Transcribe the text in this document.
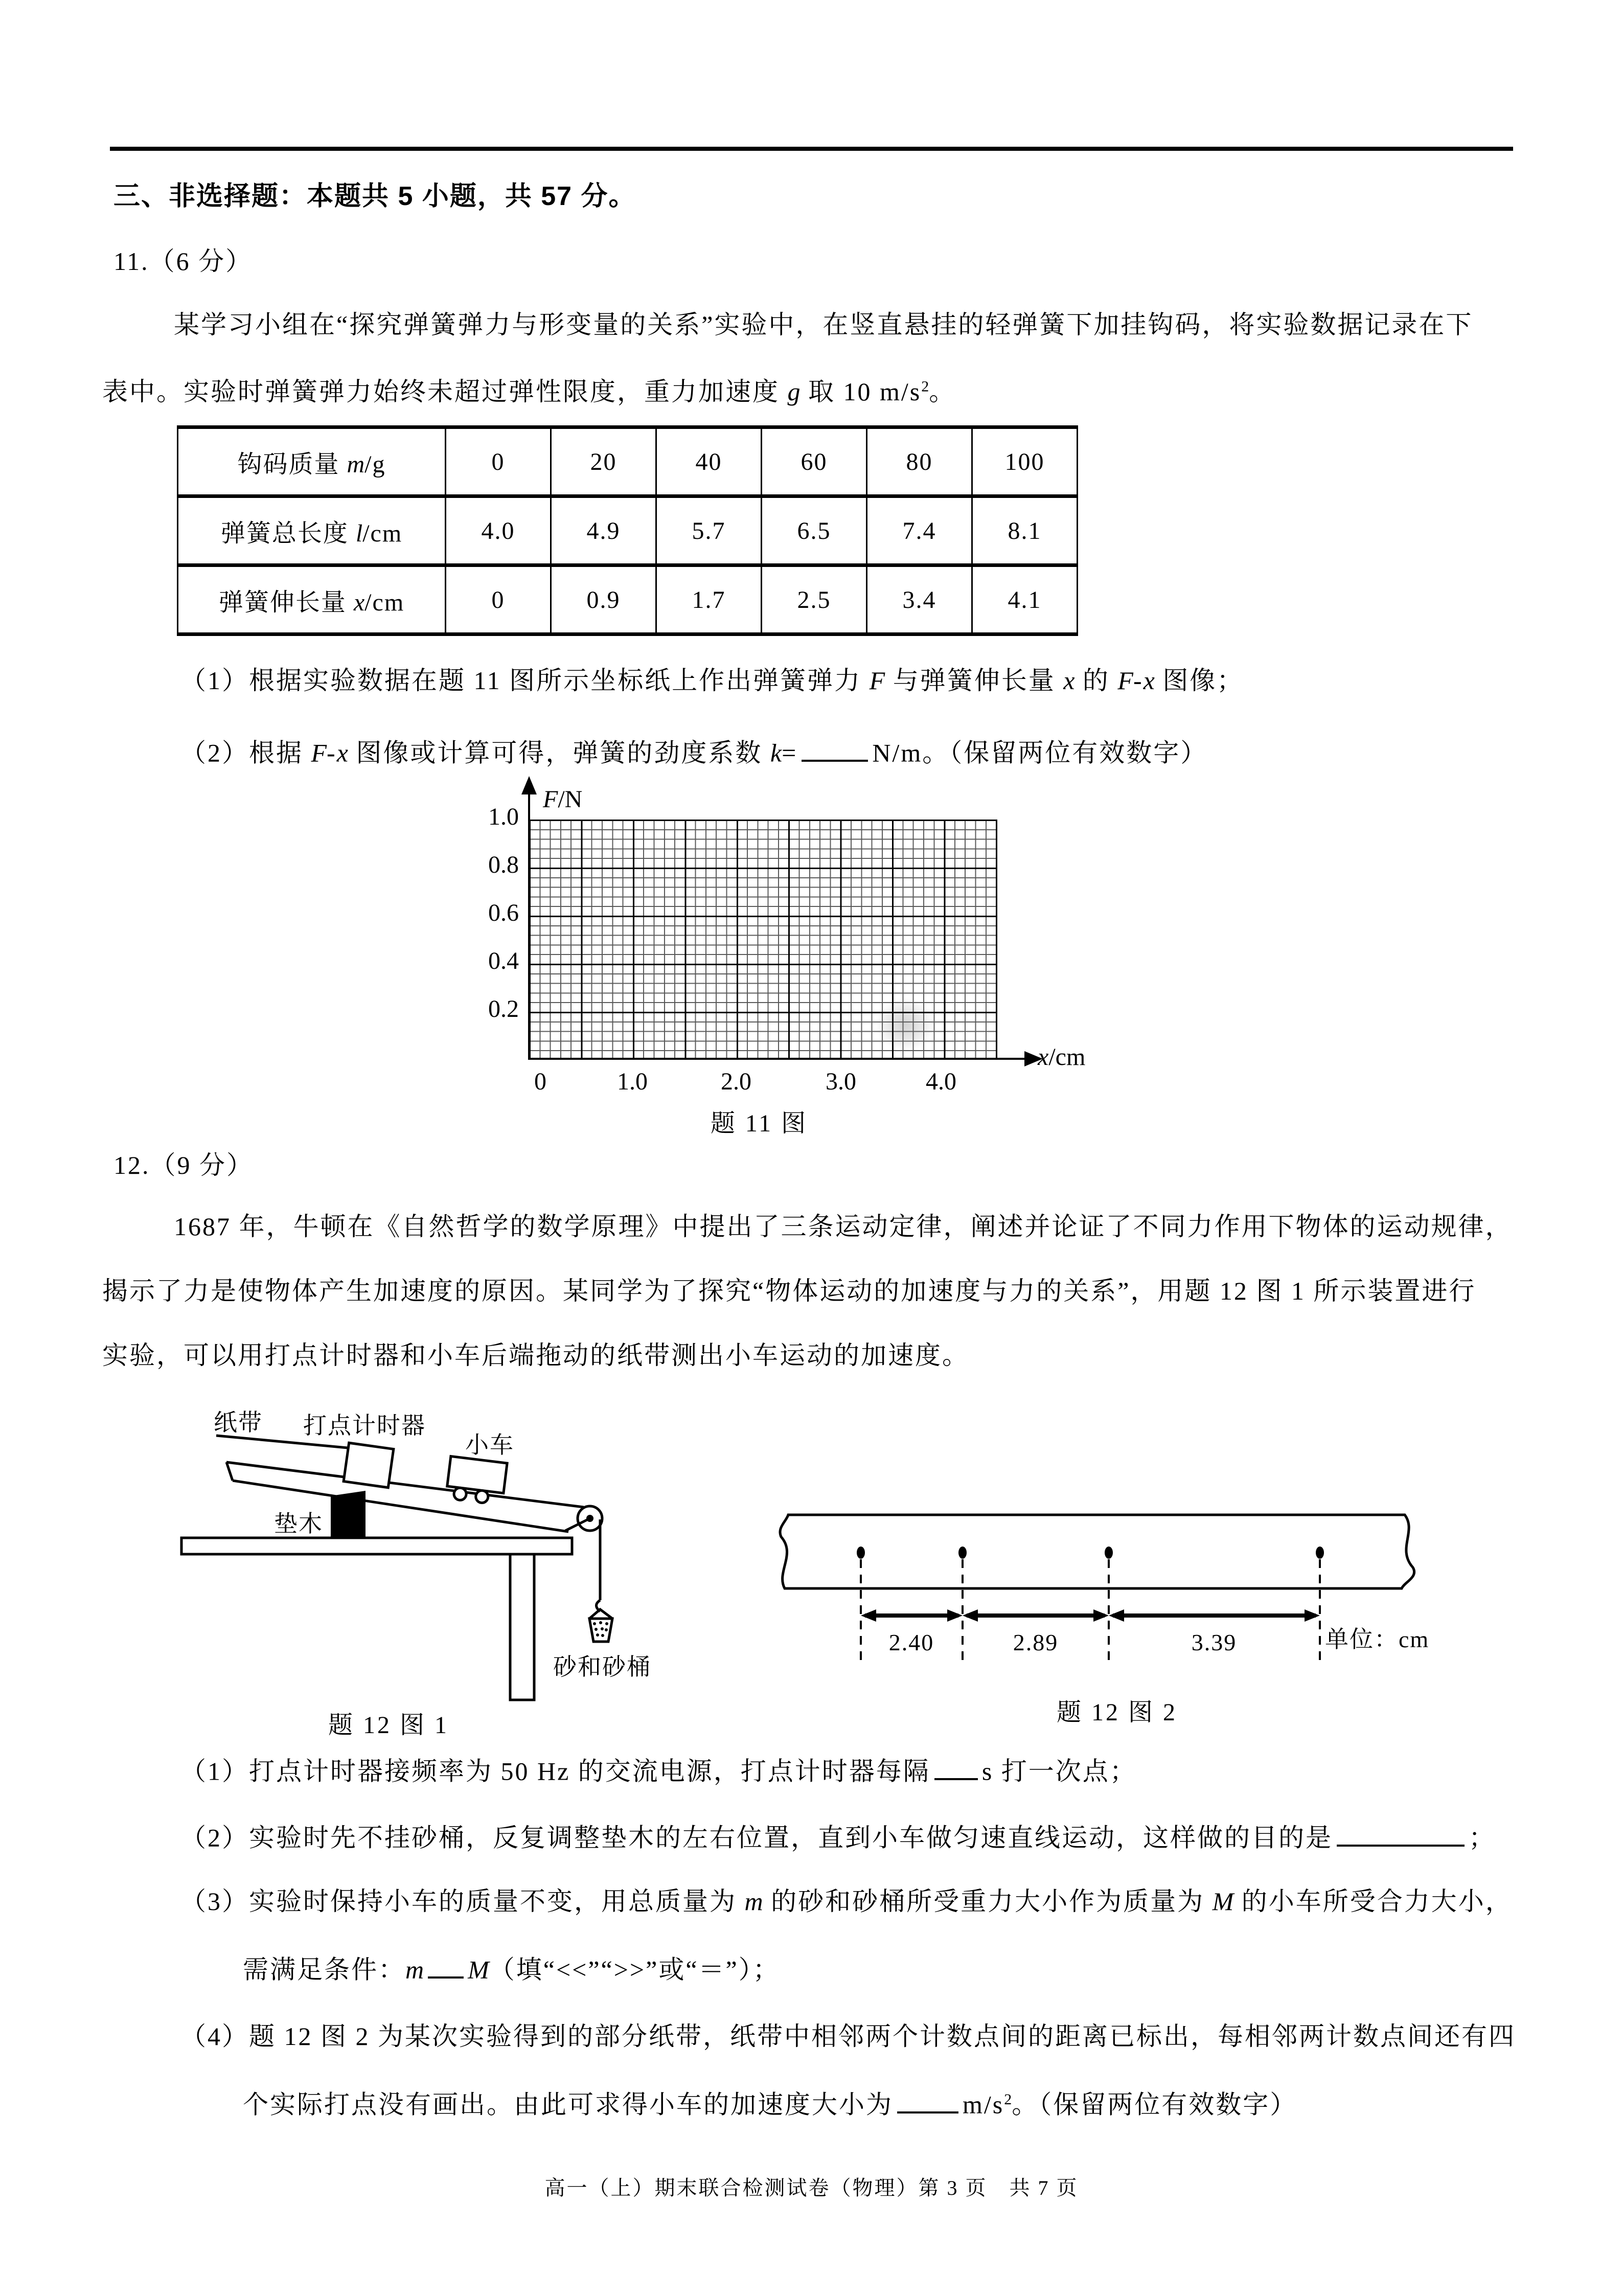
三、非选择题：本题共 5 小题，共 57 分。
11.（6 分）
某学习小组在“探究弹簧弹力与形变量的关系”实验中，在竖直悬挂的轻弹簧下加挂钩码，将实验数据记录在下
表中。实验时弹簧弹力始终未超过弹性限度，重力加速度 g 取 10 $m/s^2$。
钩码质量 m/g	0	20	40	60	80	100
弹簧总长度 l/cm	4.0	4.9	5.7	6.5	7.4	8.1
弹簧伸长量 x/cm	0	0.9	1.7	2.5	3.4	4.1
（1）根据实验数据在题 11 图所示坐标纸上作出弹簧弹力 F 与弹簧伸长量 x 的 F-x 图像；
（2）根据 F-x 图像或计算可得，弹簧的劲度系数 k=	N/m。（保留两位有效数字）
F/N
x/cm
1.0
0.8
0.6
0.4
0.2
0	1.0	2.0	3.0	4.0
题 11 图
12.（9 分）
1687 年，牛顿在《自然哲学的数学原理》中提出了三条运动定律，阐述并论证了不同力作用下物体的运动规律，
揭示了力是使物体产生加速度的原因。某同学为了探究“物体运动的加速度与力的关系”，用题 12 图 1 所示装置进行
实验，可以用打点计时器和小车后端拖动的纸带测出小车运动的加速度。
纸带 打点计时器
小车
垫木
砂和砂桶
题 12 图 1
2.40	2.89	3.39	单位：cm
题 12 图 2
（1）打点计时器接频率为 50 Hz 的交流电源，打点计时器每隔 s 打一次点；
（2）实验时先不挂砂桶，反复调整垫木的左右位置，直到小车做匀速直线运动，这样做的目的是	；
（3）实验时保持小车的质量不变，用总质量为 m 的砂和砂桶所受重力大小作为质量为 M 的小车所受合力大小，
需满足条件：m M（填“<<”“>>”或“＝”）；
（4）题 12 图 2 为某次实验得到的部分纸带，纸带中相邻两个计数点间的距离已标出，每相邻两计数点间还有四
个实际打点没有画出。由此可求得小车的加速度大小为	$m/s^2$。（保留两位有效数字）
高一（上）期末联合检测试卷（物理）第 3 页　共 7 页
